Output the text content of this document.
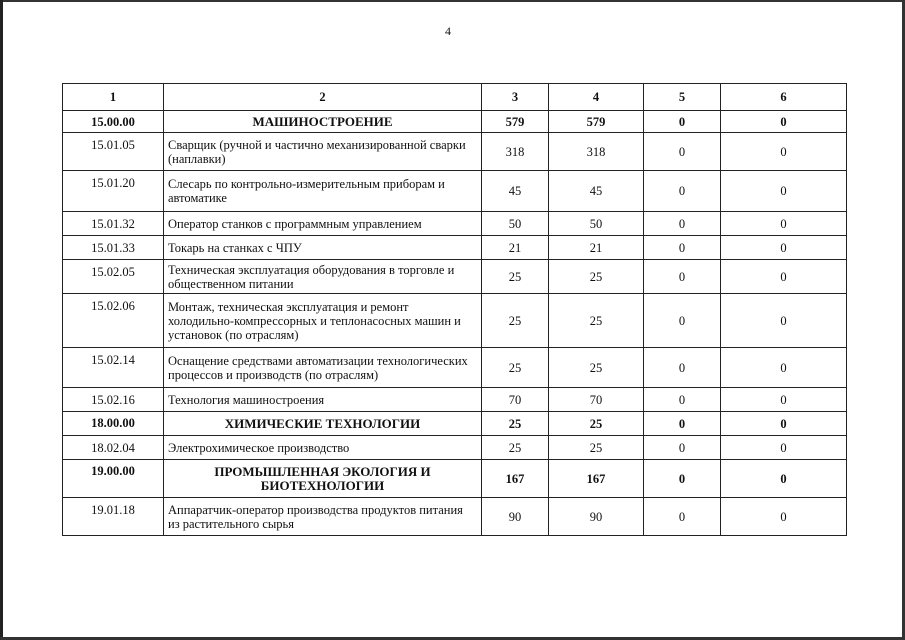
4
1	2	3	4	5	6
15.00.00	МАШИНОСТРОЕНИЕ	579	579	0	0
15.01.05	Сварщик (ручной и частично механизированной сварки (наплавки)	318	318	0	0
15.01.20	Слесарь по контрольно-измерительным приборам и автоматике	45	45	0	0
15.01.32	Оператор станков с программным управлением	50	50	0	0
15.01.33	Токарь на станках с ЧПУ	21	21	0	0
15.02.05	Техническая эксплуатация оборудования в торговле и общественном питании	25	25	0	0
15.02.06	Монтаж, техническая эксплуатация и ремонт холодильно-компрессорных и теплонасосных машин и установок (по отраслям)	25	25	0	0
15.02.14	Оснащение средствами автоматизации технологических процессов и производств (по отраслям)	25	25	0	0
15.02.16	Технология машиностроения	70	70	0	0
18.00.00	ХИМИЧЕСКИЕ ТЕХНОЛОГИИ	25	25	0	0
18.02.04	Электрохимическое производство	25	25	0	0
19.00.00	ПРОМЫШЛЕННАЯ ЭКОЛОГИЯ И БИОТЕХНОЛОГИИ	167	167	0	0
19.01.18	Аппаратчик-оператор производства продуктов питания из растительного сырья	90	90	0	0
